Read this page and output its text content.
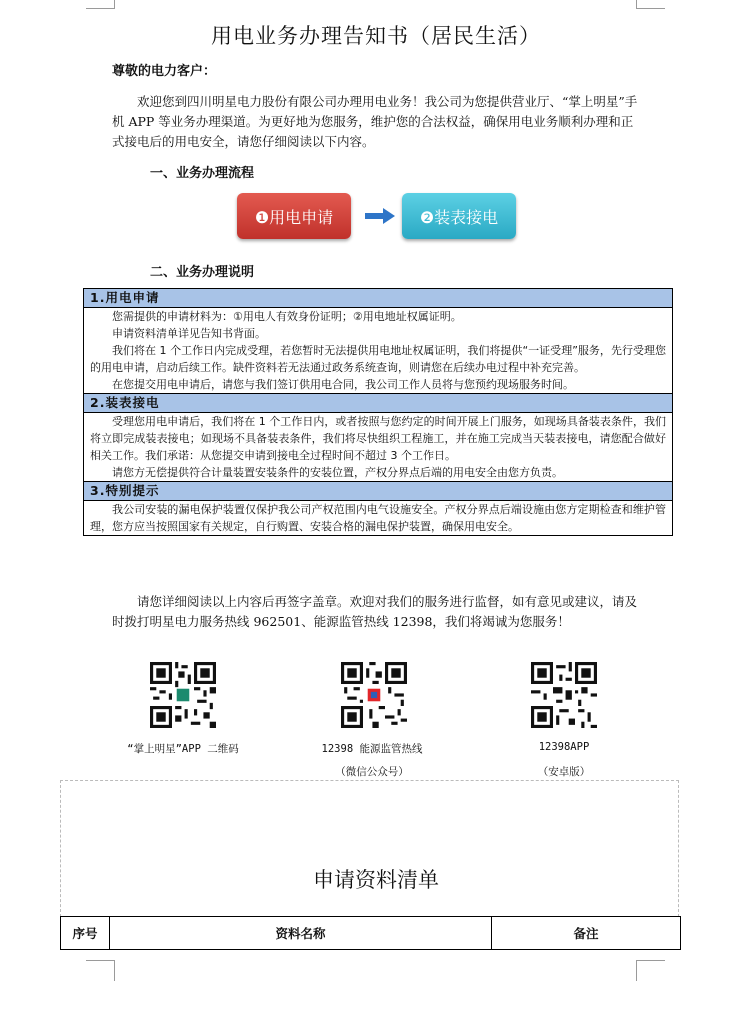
用电业务办理告知书（居民生活）
尊敬的电力客户：
欢迎您到四川明星电力股份有限公司办理用电业务！我公司为您提供营业厅、“掌上明星”手机 APP 等业务办理渠道。为更好地为您服务，维护您的合法权益，确保用电业务顺利办理和正式接电后的用电安全，请您仔细阅读以下内容。
一、业务办理流程
❶用电申请	❷装表接电
二、业务办理说明
1.用电申请
您需提供的申请材料为：①用电人有效身份证明；②用电地址权属证明。
申请资料清单详见告知书背面。
我们将在 1 个工作日内完成受理，若您暂时无法提供用电地址权属证明，我们将提供“一证受理”服务，先行受理您的用电申请，启动后续工作。缺件资料若无法通过政务系统查询，则请您在后续办电过程中补充完善。
在您提交用电申请后，请您与我们签订供用电合同，我公司工作人员将与您预约现场服务时间。
2.装表接电
受理您用电申请后，我们将在 1 个工作日内，或者按照与您约定的时间开展上门服务，如现场具备装表条件，我们将立即完成装表接电；如现场不具备装表条件，我们将尽快组织工程施工，并在施工完成当天装表接电，请您配合做好相关工作。我们承诺：从您提交申请到接电全过程时间不超过 3 个工作日。
请您方无偿提供符合计量装置安装条件的安装位置，产权分界点后端的用电安全由您方负责。
3.特别提示
我公司安装的漏电保护装置仅保护我公司产权范围内电气设施安全。产权分界点后端设施由您方定期检查和维护管理，您方应当按照国家有关规定，自行购置、安装合格的漏电保护装置，确保用电安全。
请您详细阅读以上内容后再签字盖章。欢迎对我们的服务进行监督，如有意见或建议，请及时拨打明星电力服务热线 962501、能源监管热线 12398，我们将竭诚为您服务！
“掌上明星”APP 二维码	12398 能源监管热线
（微信公众号）
12398APP
（安卓版）
申请资料清单
序号	资料名称	备注
